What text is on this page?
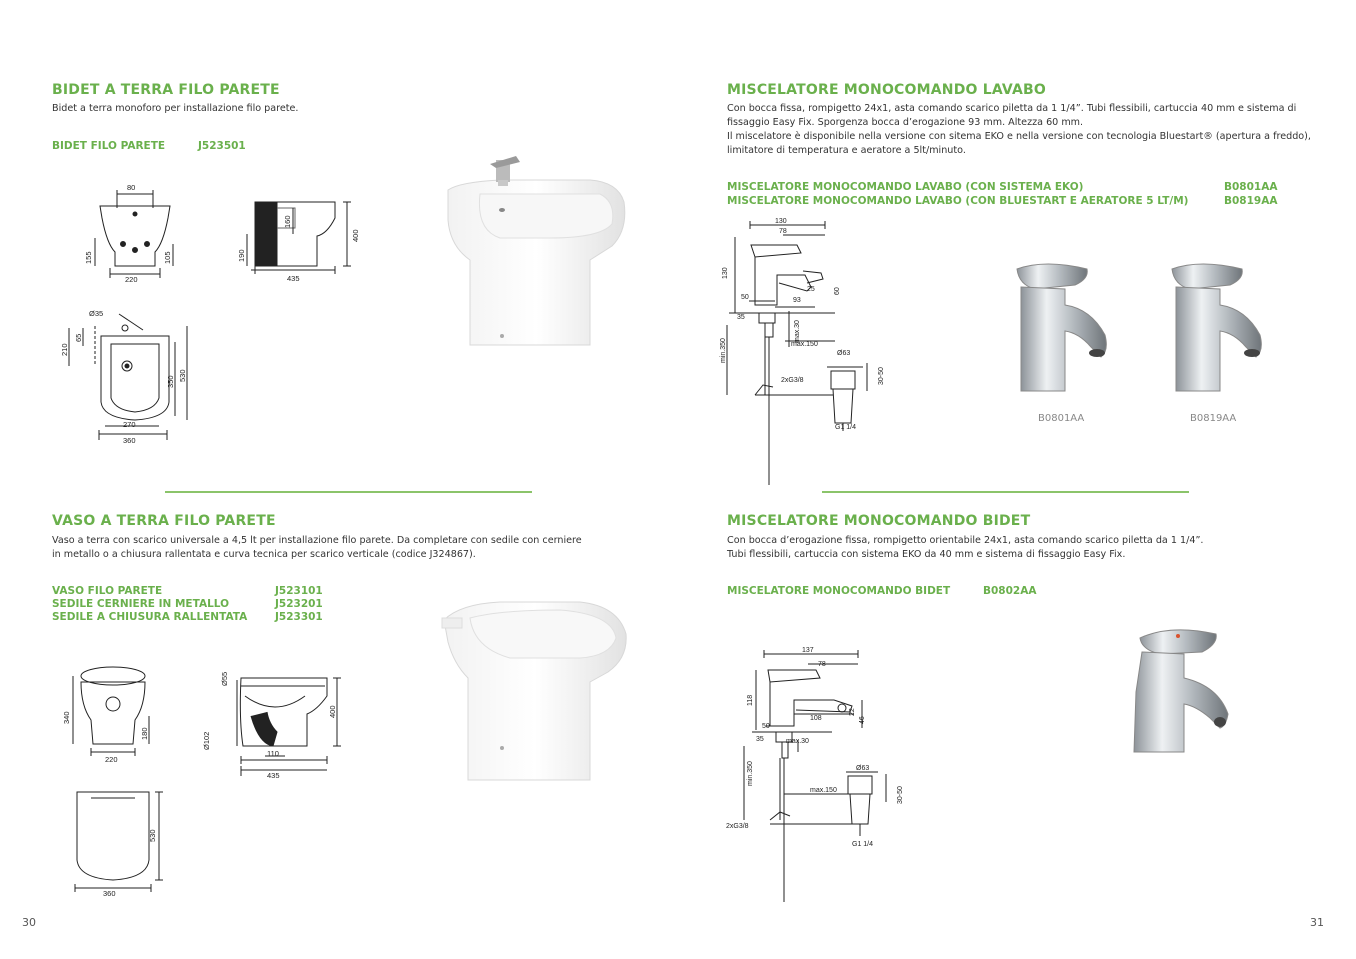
BIDET A TERRA FILO PARETE
Bidet a terra monoforo per installazione filo parete.
BIDET FILO PARETE	J523501
80
220
155	105
160
190
400
435
Ø35
210
65
350 530
270
360
VASO A TERRA FILO PARETE
Vaso a terra con scarico universale a 4,5 lt per installazione filo parete. Da completare con sedile con cerniere
in metallo o a chiusura rallentata e curva tecnica per scarico verticale (codice J324867).
VASO FILO PARETE	J523101
SEDILE CERNIERE IN METALLO	J523201
SEDILE A CHIUSURA RALLENTATA	J523301
340
180
220
Ø55
Ø102
110
400
435
530
360
30
MISCELATORE MONOCOMANDO LAVABO
Con bocca fissa, rompigetto 24x1, asta comando scarico piletta da 1 1/4”. Tubi flessibili, cartuccia 40 mm e sistema di
fissaggio Easy Fix. Sporgenza bocca d’erogazione 93 mm. Altezza 60 mm.
Il miscelatore è disponibile nella versione con sitema EKO e nella versione con tecnologia Bluestart® (apertura a freddo),
limitatore di temperatura e aeratore a 5lt/minuto.
MISCELATORE MONOCOMANDO LAVABO (CON SISTEMA EKO)	B0801AA
MISCELATORE MONOCOMANDO LAVABO (CON BLUESTART E AERATORE 5 LT/M)	B0819AA
130
78
130
25	60
50	93
35
max.30
max.150
min.350	Ø63
30-50
2xG3/8
G1 1/4
B0801AA	B0819AA
MISCELATORE MONOCOMANDO BIDET
Con bocca d’erogazione fissa, rompigetto orientabile 24x1, asta comando scarico piletta da 1 1/4”.
Tubi flessibili, cartuccia con sistema EKO da 40 mm e sistema di fissaggio Easy Fix.
MISCELATORE MONOCOMANDO BIDET	B0802AA
137
78
118
50
108	46
22
35	max.30
min.350	Ø63
max.150	30-50
2xG3/8
G1 1/4
31
